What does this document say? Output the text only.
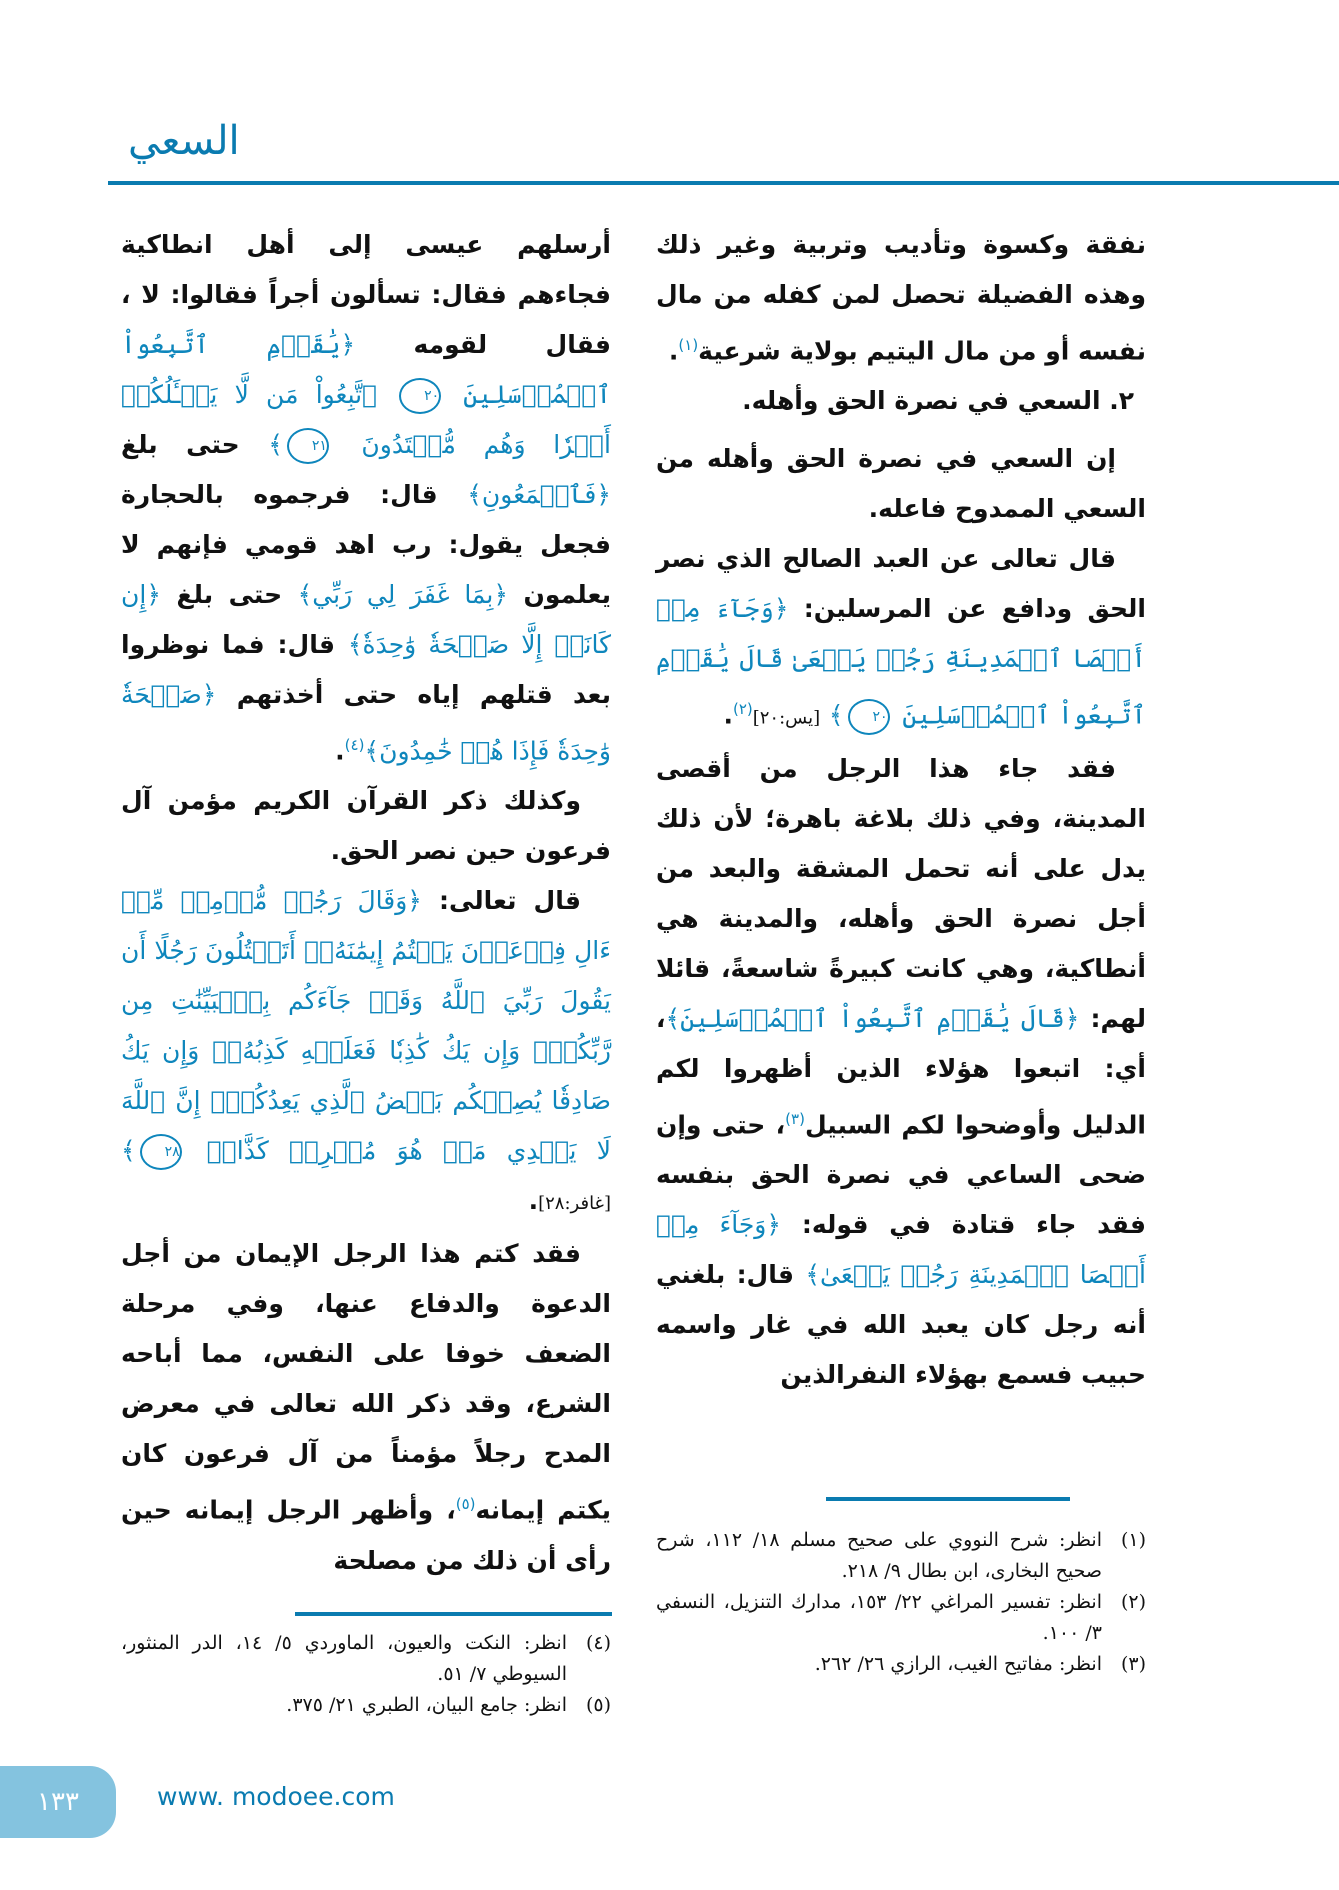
السعي

نفقة وكسوة وتأديب وتربية وغير ذلك وهذه الفضيلة تحصل لمن كفله من مال نفسه أو من مال اليتيم بولاية شرعية$^{(١)}$.

٢. السعي في نصرة الحق وأهله.

إن السعي في نصرة الحق وأهله من السعي الممدوح فاعله.

قال تعالى عن العبد الصالح الذي نصر الحق ودافع عن المرسلين: ﴿وَجَآءَ مِنۡ أَقۡصَا ٱلۡمَدِينَةِ رَجُلٞ يَسۡعَىٰ قَالَ يَٰقَوۡمِ ٱتَّبِعُواْ ٱلۡمُرۡسَلِينَ ٢٠﴾ [يس:٢٠]$^{(٢)}$.

فقد جاء هذا الرجل من أقصى المدينة، وفي ذلك بلاغة باهرة؛ لأن ذلك يدل على أنه تحمل المشقة والبعد من أجل نصرة الحق وأهله، والمدينة هي أنطاكية، وهي كانت كبيرةً شاسعةً، قائلا لهم: ﴿قَالَ يَٰقَوۡمِ ٱتَّبِعُواْ ٱلۡمُرۡسَلِينَ﴾، أي: اتبعوا هؤلاء الذين أظهروا لكم الدليل وأوضحوا لكم السبيل$^{(٣)}$، حتى وإن ضحى الساعي في نصرة الحق بنفسه فقد جاء قتادة في قوله: ﴿وَجَآءَ مِنۡ أَقۡصَا ٱلۡمَدِينَةِ رَجُلٞ يَسۡعَىٰ﴾ قال: بلغني أنه رجل كان يعبد الله في غار واسمه حبيب فسمع بهؤلاء النفرالذين

أرسلهم عيسى إلى أهل انطاكية فجاءهم فقال: تسألون أجراً فقالوا: لا ، فقال لقومه ﴿يَٰقَوۡمِ ٱتَّبِعُواْ ٱلۡمُرۡسَلِينَ ٢٠ ٱتَّبِعُواْ مَن لَّا يَسۡـَٔلُكُمۡ أَجۡرٗا وَهُم مُّهۡتَدُونَ ٢١﴾ حتى بلغ ﴿فَٱسۡمَعُونِ﴾ قال: فرجموه بالحجارة فجعل يقول: رب اهد قومي فإنهم لا يعلمون ﴿بِمَا غَفَرَ لِي رَبِّي﴾ حتى بلغ ﴿إِن كَانَتۡ إِلَّا صَيۡحَةٗ وَٰحِدَةٗ﴾ قال: فما نوظروا بعد قتلهم إياه حتى أخذتهم ﴿صَيۡحَةٗ وَٰحِدَةٗ فَإِذَا هُمۡ خَٰمِدُونَ﴾$^{(٤)}$.

وكذلك ذكر القرآن الكريم مؤمن آل فرعون حين نصر الحق.

قال تعالى: ﴿وَقَالَ رَجُلٞ مُّؤۡمِنٞ مِّنۡ ءَالِ فِرۡعَوۡنَ يَكۡتُمُ إِيمَٰنَهُۥٓ أَتَقۡتُلُونَ رَجُلًا أَن يَقُولَ رَبِّيَ ٱللَّهُ وَقَدۡ جَآءَكُم بِٱلۡبَيِّنَٰتِ مِن رَّبِّكُمۡۖ وَإِن يَكُ كَٰذِبٗا فَعَلَيۡهِ كَذِبُهُۥۖ وَإِن يَكُ صَادِقٗا يُصِبۡكُم بَعۡضُ ٱلَّذِي يَعِدُكُمۡۖ إِنَّ ٱللَّهَ لَا يَهۡدِي مَنۡ هُوَ مُسۡرِفٞ كَذَّابٞ ٢٨﴾ [غافر:٢٨].

فقد كتم هذا الرجل الإيمان من أجل الدعوة والدفاع عنها، وفي مرحلة الضعف خوفا على النفس، مما أباحه الشرع، وقد ذكر الله تعالى في معرض المدح رجلاً مؤمناً من آل فرعون كان يكتم إيمانه$^{(٥)}$، وأظهر الرجل إيمانه حين رأى أن ذلك من مصلحة

(١)
انظر: شرح النووي على صحيح مسلم ١٨/ ١١٢، شرح صحيح البخارى، ابن بطال ٩/ ٢١٨.
(٢)
انظر: تفسير المراغي ٢٢/ ١٥٣، مدارك التنزيل، النسفي ٣/ ١٠٠.
(٣)
انظر: مفاتيح الغيب، الرازي ٢٦/ ٢٦٢.
(٤)
انظر: النكت والعيون، الماوردي ٥/ ١٤، الدر المنثور، السيوطي ٧/ ٥١.
(٥)
انظر: جامع البيان، الطبري ٢١/ ٣٧٥.
١٣٣	www. modoee.com
